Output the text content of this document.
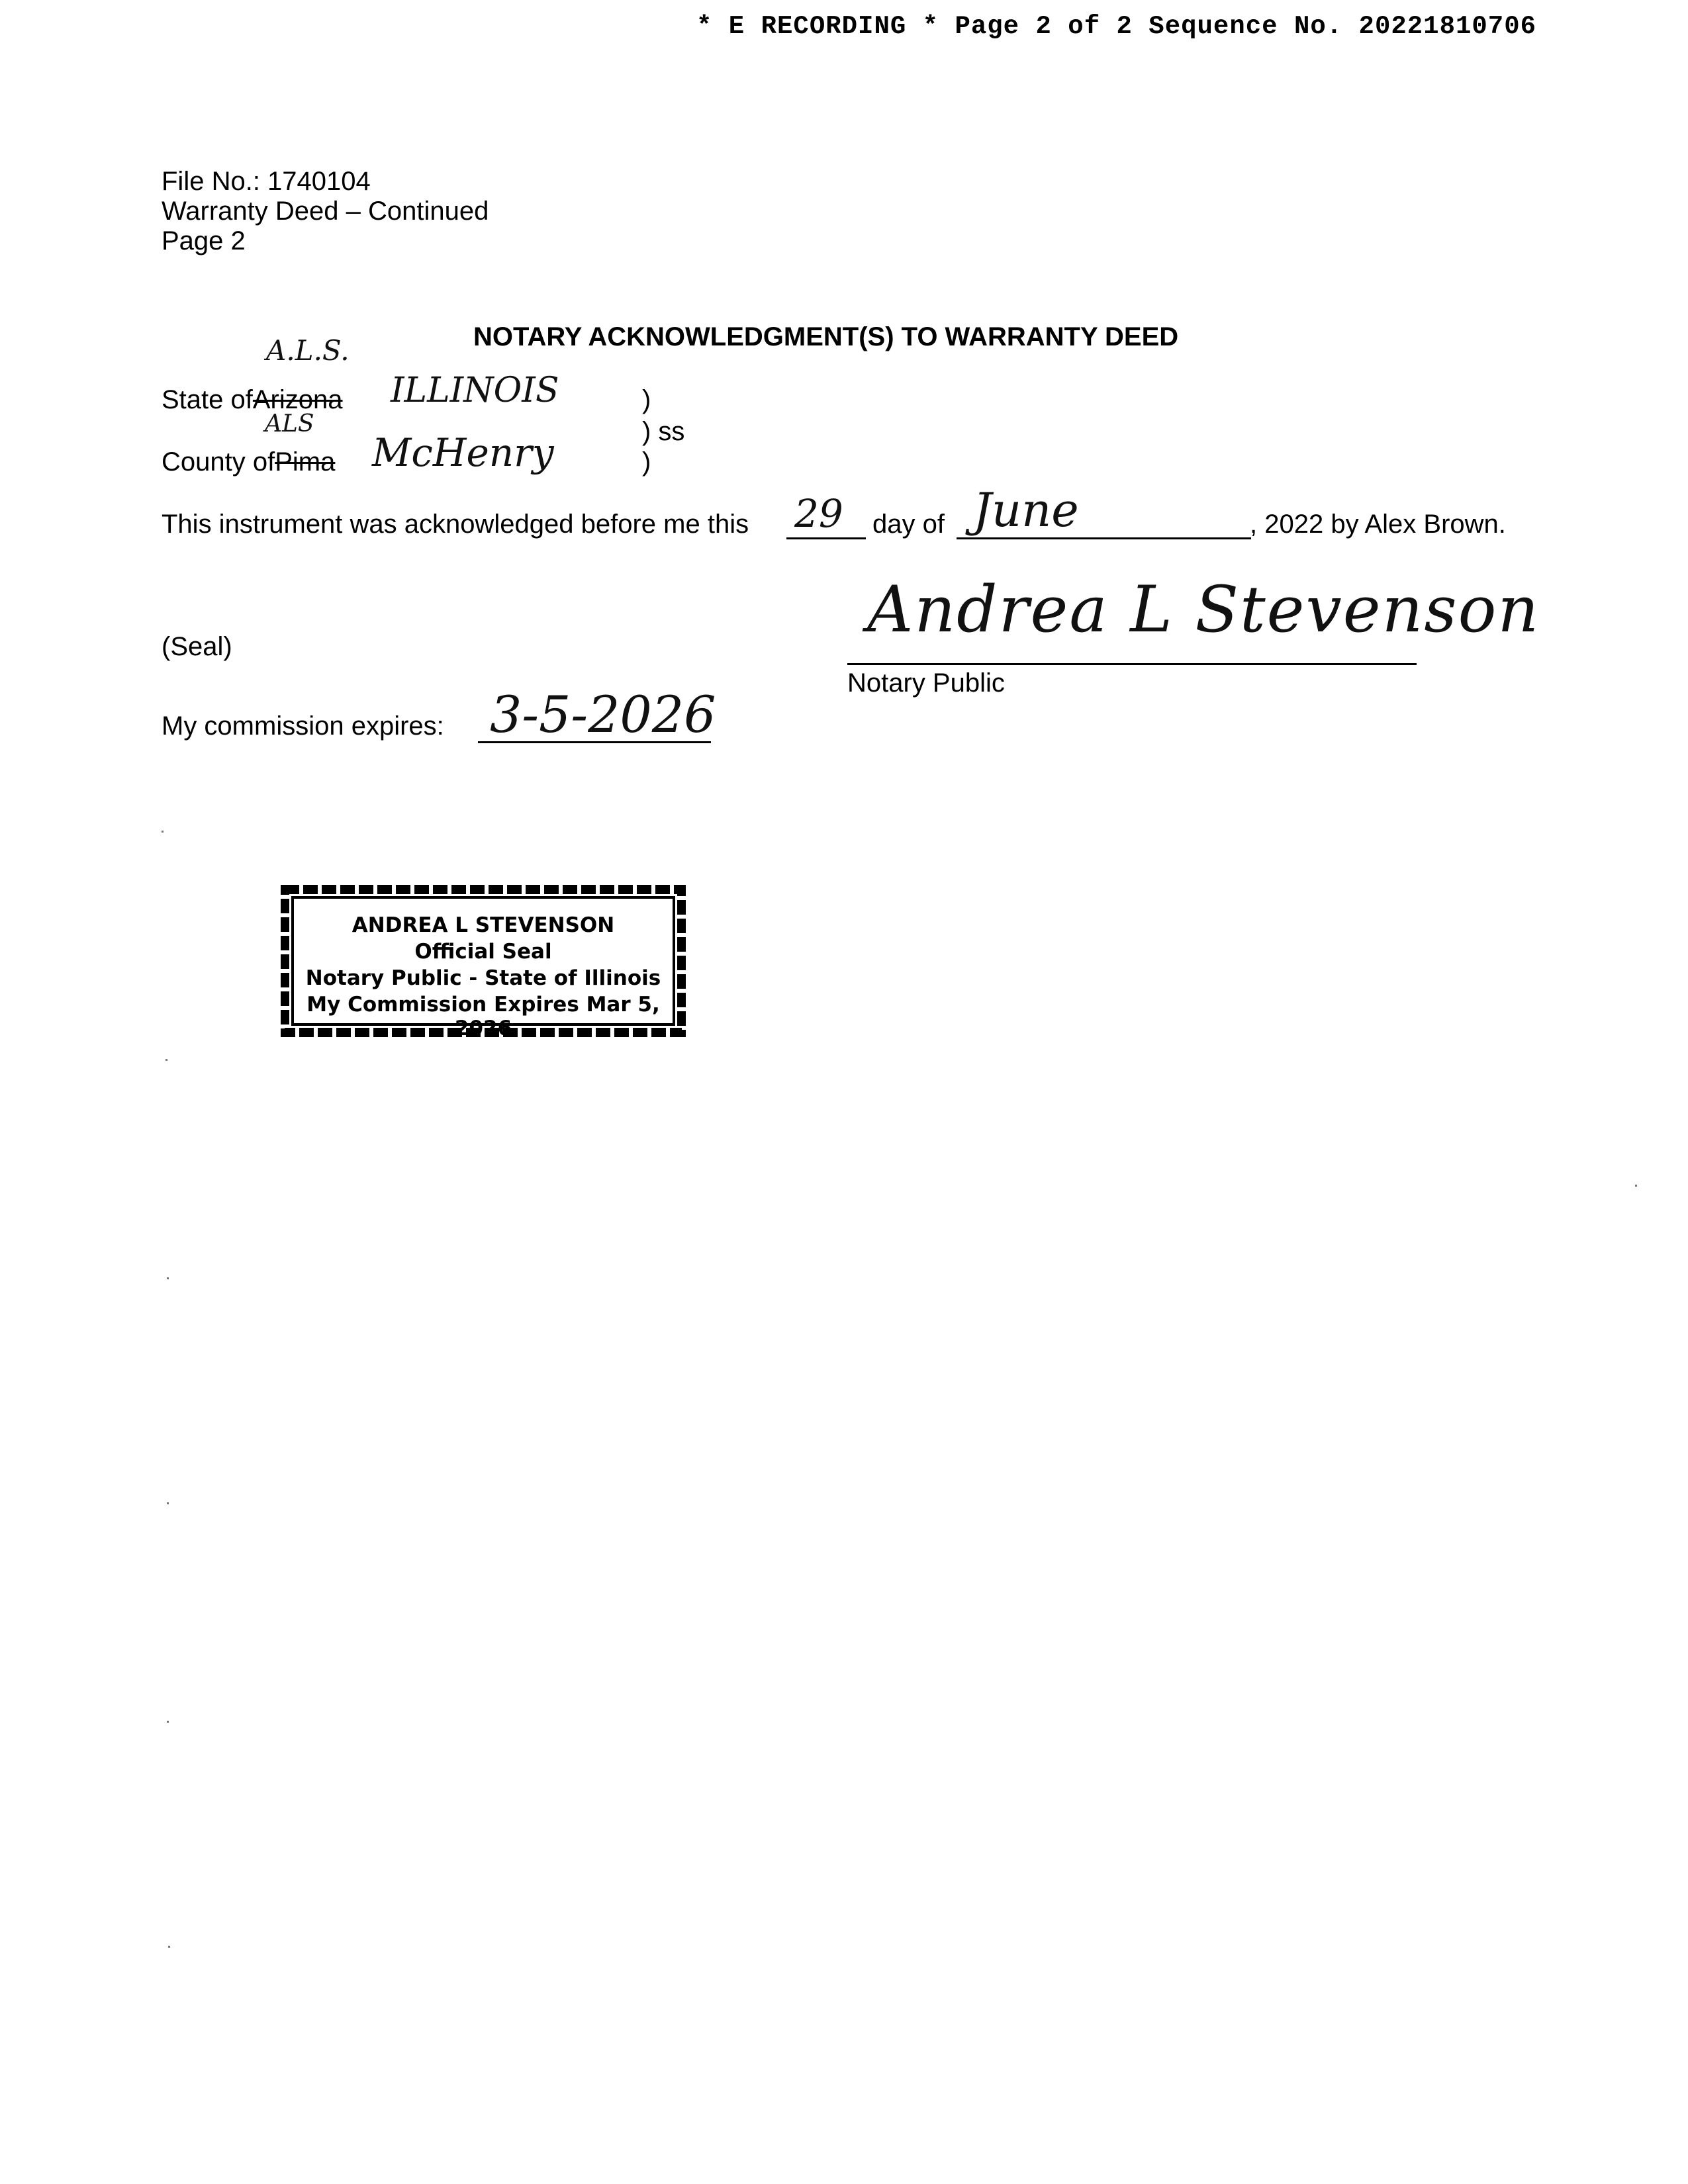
* E RECORDING * Page 2 of 2 Sequence No. 20221810706
File No.: 1740104
Warranty Deed – Continued
Page 2
NOTARY ACKNOWLEDGMENT(S) TO WARRANTY DEED
A.L.S.
State ofArizona ILLINOIS	)
ALS	) ss
County ofPima McHenry	)
This instrument was acknowledged before me this 29 day of June	, 2022 by Alex Brown.
(Seal)	Andrea L Stevenson
Notary Public
My commission expires: 3-5-2026
ANDREA L STEVENSON
Official Seal
Notary Public - State of Illinois
My Commission Expires Mar 5, 2026
